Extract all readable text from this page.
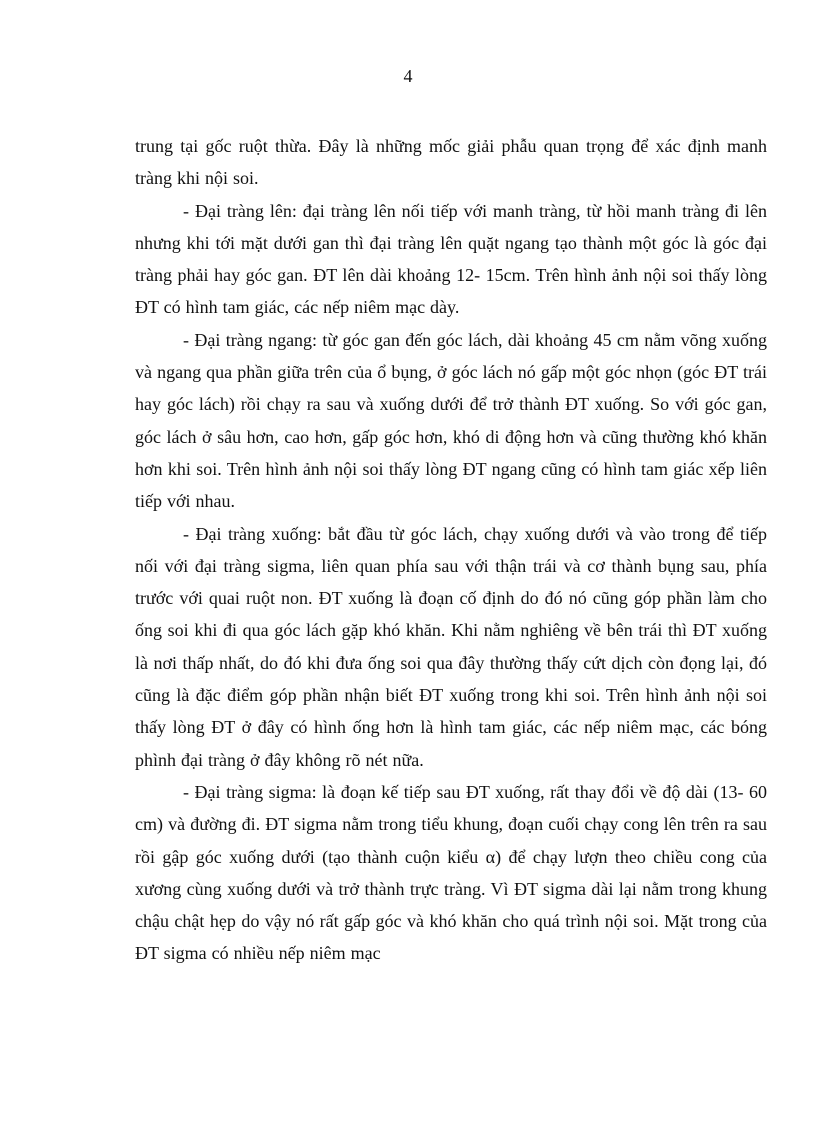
4

trung tại gốc ruột thừa. Đây là những mốc giải phẫu quan trọng để xác định manh tràng khi nội soi.

- Đại tràng lên: đại tràng lên nối tiếp với manh tràng, từ hồi manh tràng đi lên nhưng khi tới mặt dưới gan thì đại tràng lên quặt ngang tạo thành một góc là góc đại tràng phải hay góc gan. ĐT lên dài khoảng 12- 15cm. Trên hình ảnh nội soi thấy lòng ĐT có hình tam giác, các nếp niêm mạc dày.

- Đại tràng ngang: từ góc gan đến góc lách, dài khoảng 45 cm nằm võng xuống và ngang qua phần giữa trên của ổ bụng, ở góc lách nó gấp một góc nhọn (góc ĐT trái hay góc lách) rồi chạy ra sau và xuống dưới để trở thành ĐT xuống. So với góc gan, góc lách ở sâu hơn, cao hơn, gấp góc hơn, khó di động hơn và cũng thường khó khăn hơn khi soi. Trên hình ảnh nội soi thấy lòng ĐT ngang cũng có hình tam giác xếp liên tiếp với nhau.

- Đại tràng xuống: bắt đầu từ góc lách, chạy xuống dưới và vào trong để tiếp nối với đại tràng sigma, liên quan phía sau với thận trái và cơ thành bụng sau, phía trước với quai ruột non. ĐT xuống là đoạn cố định do đó nó cũng góp phần làm cho ống soi khi đi qua góc lách gặp khó khăn. Khi nằm nghiêng về bên trái thì ĐT xuống là nơi thấp nhất, do đó khi đưa ống soi qua đây thường thấy cứt dịch còn đọng lại, đó cũng là đặc điểm góp phần nhận biết ĐT xuống trong khi soi. Trên hình ảnh nội soi thấy lòng ĐT ở đây có hình ống hơn là hình tam giác, các nếp niêm mạc, các bóng phình đại tràng ở đây không rõ nét nữa.

- Đại tràng sigma: là đoạn kế tiếp sau ĐT xuống, rất thay đổi về độ dài (13- 60 cm) và đường đi. ĐT sigma nằm trong tiểu khung, đoạn cuối chạy cong lên trên ra sau rồi gập góc xuống dưới (tạo thành cuộn kiểu α) để chạy lượn theo chiều cong của xương cùng xuống dưới và trở thành trực tràng. Vì ĐT sigma dài lại nằm trong khung chậu chật hẹp do vậy nó rất gấp góc và khó khăn cho quá trình nội soi. Mặt trong của ĐT sigma có nhiều nếp niêm mạc
